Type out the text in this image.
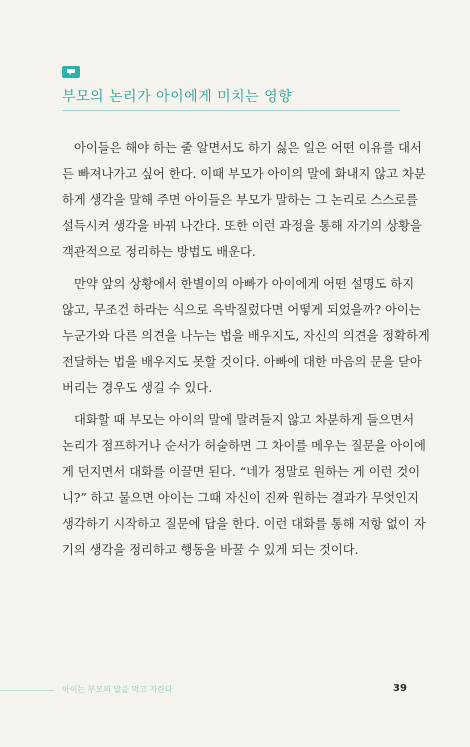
부모의 논리가 아이에게 미치는 영향
아이들은 해야 하는 줄 알면서도 하기 싫은 일은 어떤 이유를 대서
든 빠져나가고 싶어 한다. 이때 부모가 아이의 말에 화내지 않고 차분
하게 생각을 말해 주면 아이들은 부모가 말하는 그 논리로 스스로를
설득시켜 생각을 바꿔 나간다. 또한 이런 과정을 통해 자기의 상황을
객관적으로 정리하는 방법도 배운다.
만약 앞의 상황에서 한별이의 아빠가 아이에게 어떤 설명도 하지
않고, 무조건 하라는 식으로 윽박질렀다면 어떻게 되었을까? 아이는
누군가와 다른 의견을 나누는 법을 배우지도, 자신의 의견을 정확하게
전달하는 법을 배우지도 못할 것이다. 아빠에 대한 마음의 문을 닫아
버리는 경우도 생길 수 있다.
대화할 때 부모는 아이의 말에 말려들지 않고 차분하게 들으면서
논리가 점프하거나 순서가 허술하면 그 차이를 메우는 질문을 아이에
게 던지면서 대화를 이끌면 된다. “네가 정말로 원하는 게 이런 것이
니?” 하고 물으면 아이는 그때 자신이 진짜 원하는 결과가 무엇인지
생각하기 시작하고 질문에 답을 한다. 이런 대화를 통해 저항 없이 자
기의 생각을 정리하고 행동을 바꿀 수 있게 되는 것이다.
아이는 부모의 말을 먹고 자란다	39
